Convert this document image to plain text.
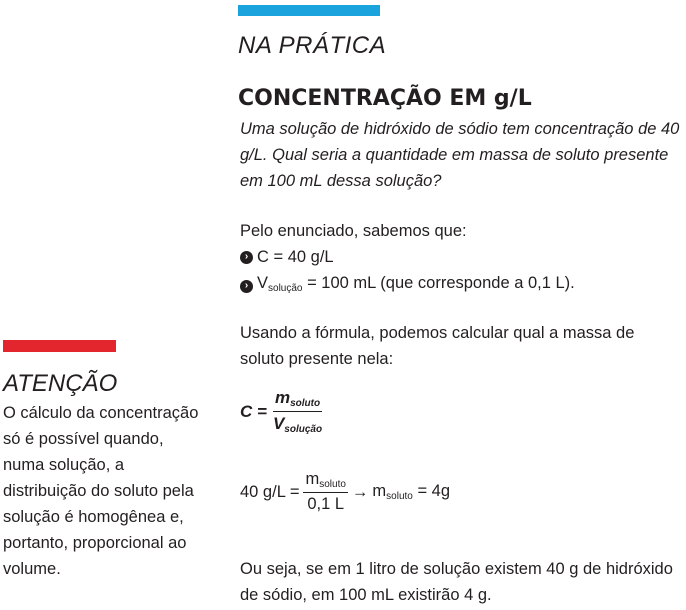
NA PRÁTICA
CONCENTRAÇÃO EM g/L
Uma solução de hidróxido de sódio tem concentração de 40 g/L. Qual seria a quantidade em massa de soluto presente em 100 mL dessa solução?
Pelo enunciado, sabemos que:
› C = 40 g/L
› $V_{solução} = 100$ mL (que corresponde a 0,1 L).
Usando a fórmula, podemos calcular qual a massa de soluto presente nela:
$C = \frac{m_{soluto}}{V_{solução}}$
40 $g/L = \frac{m_{soluto}}{0,1 L} \to m_{soluto} = 4g$
Ou seja, se em 1 litro de solução existem 40 g de hidróxido de sódio, em 100 mL existirão 4 g.
ATENÇÃO
O cálculo da concentração só é possível quando, numa solução, a distribuição do soluto pela solução é homogênea e, portanto, proporcional ao volume.
